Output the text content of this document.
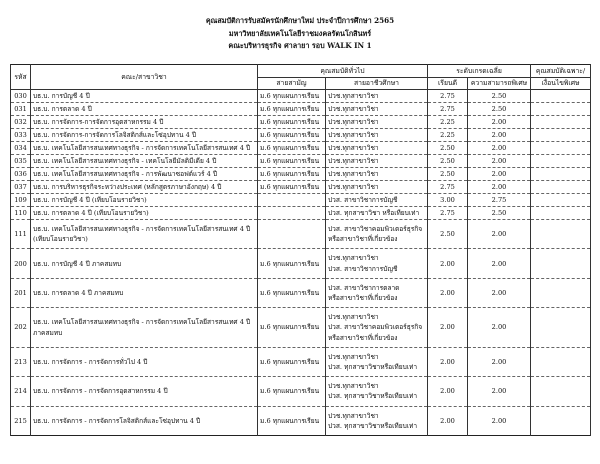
คุณสมบัติการรับสมัครนักศึกษาใหม่ ประจำปีการศึกษา 2565
มหาวิทยาลัยเทคโนโลยีราชมงคลรัตนโกสินทร์
คณะบริหารธุรกิจ ศาลายา รอบ WALK IN 1
รหัส	คณะ/สาขาวิชา	คุณสมบัติทั่วไป		ระดับเกรดเฉลี่ย		คุณสมบัติเฉพาะ/
		สายสามัญ	สายอาชีวศึกษา	เรียนดี	ความสามารถพิเศษ	เงื่อนไขพิเศษ
030	บธ.บ. การบัญชี 4 ปี	ม.6 ทุกแผนการเรียน	ปวช.ทุกสาขาวิชา	2.75	2.50	
031	บธ.บ. การตลาด 4 ปี	ม.6 ทุกแผนการเรียน	ปวช.ทุกสาขาวิชา	2.75	2.50	
032	บธ.บ. การจัดการ-การจัดการอุตสาหกรรม 4 ปี	ม.6 ทุกแผนการเรียน	ปวช.ทุกสาขาวิชา	2.25	2.00	
033	บธ.บ. การจัดการ-การจัดการโลจิสติกส์และโซ่อุปทาน 4 ปี	ม.6 ทุกแผนการเรียน	ปวช.ทุกสาขาวิชา	2.25	2.00	
034	บธ.บ. เทคโนโลยีสารสนเทศทางธุรกิจ - การจัดการเทคโนโลยีสารสนเทศ 4 ปี	ม.6 ทุกแผนการเรียน	ปวช.ทุกสาขาวิชา	2.50	2.00	
035	บธ.บ. เทคโนโลยีสารสนเทศทางธุรกิจ - เทคโนโลยีมัลติมีเดีย 4 ปี	ม.6 ทุกแผนการเรียน	ปวช.ทุกสาขาวิชา	2.50	2.00	
036	บธ.บ. เทคโนโลยีสารสนเทศทางธุรกิจ - การพัฒนาซอฟต์แวร์ 4 ปี	ม.6 ทุกแผนการเรียน	ปวช.ทุกสาขาวิชา	2.50	2.00	
037	บธ.บ. การบริหารธุรกิจระหว่างประเทศ (หลักสูตรภาษาอังกฤษ) 4 ปี	ม.6 ทุกแผนการเรียน	ปวช.ทุกสาขาวิชา	2.75	2.00	
109	บธ.บ. การบัญชี 4 ปี (เทียบโอนรายวิชา)		ปวส. สาขาวิชาการบัญชี	3.00	2.75	
110	บธ.บ. การตลาด 4 ปี (เทียบโอนรายวิชา)		ปวส. ทุกสาขาวิชา หรือเทียบเท่า	2.75	2.50	
111	บธ.บ. เทคโนโลยีสารสนเทศทางธุรกิจ - การจัดการเทคโนโลยีสารสนเทศ 4 ปี
(เทียบโอนรายวิชา)		ปวส. สาขาวิชาคอมพิวเตอร์ธุรกิจ
หรือสาขาวิชาที่เกี่ยวข้อง	2.50	2.00	
200	บธ.บ. การบัญชี 4 ปี ภาคสมทบ	ม.6 ทุกแผนการเรียน	ปวช.ทุกสาขาวิชา
ปวส. สาขาวิชาการบัญชี	2.00	2.00	
201	บธ.บ. การตลาด 4 ปี ภาคสมทบ	ม.6 ทุกแผนการเรียน	ปวส. สาขาวิชาการตลาด
หรือสาขาวิชาที่เกี่ยวข้อง	2.00	2.00	
202	บธ.บ. เทคโนโลยีสารสนเทศทางธุรกิจ - การจัดการเทคโนโลยีสารสนเทศ 4 ปี
ภาคสมทบ	ม.6 ทุกแผนการเรียน	ปวช.ทุกสาขาวิชา
ปวส. สาขาวิชาคอมพิวเตอร์ธุรกิจ
หรือสาขาวิชาที่เกี่ยวข้อง	2.00	2.00	
213	บธ.บ. การจัดการ - การจัดการทั่วไป 4 ปี	ม.6 ทุกแผนการเรียน	ปวช.ทุกสาขาวิชา
ปวส. ทุกสาขาวิชาหรือเทียบเท่า	2.00	2.00	
214	บธ.บ. การจัดการ - การจัดการอุตสาหกรรม 4 ปี	ม.6 ทุกแผนการเรียน	ปวช.ทุกสาขาวิชา
ปวส. ทุกสาขาวิชาหรือเทียบเท่า	2.00	2.00	
215	บธ.บ. การจัดการ - การจัดการโลจิสติกส์และโซ่อุปทาน 4 ปี	ม.6 ทุกแผนการเรียน	ปวช.ทุกสาขาวิชา
ปวส. ทุกสาขาวิชาหรือเทียบเท่า	2.00	2.00	
